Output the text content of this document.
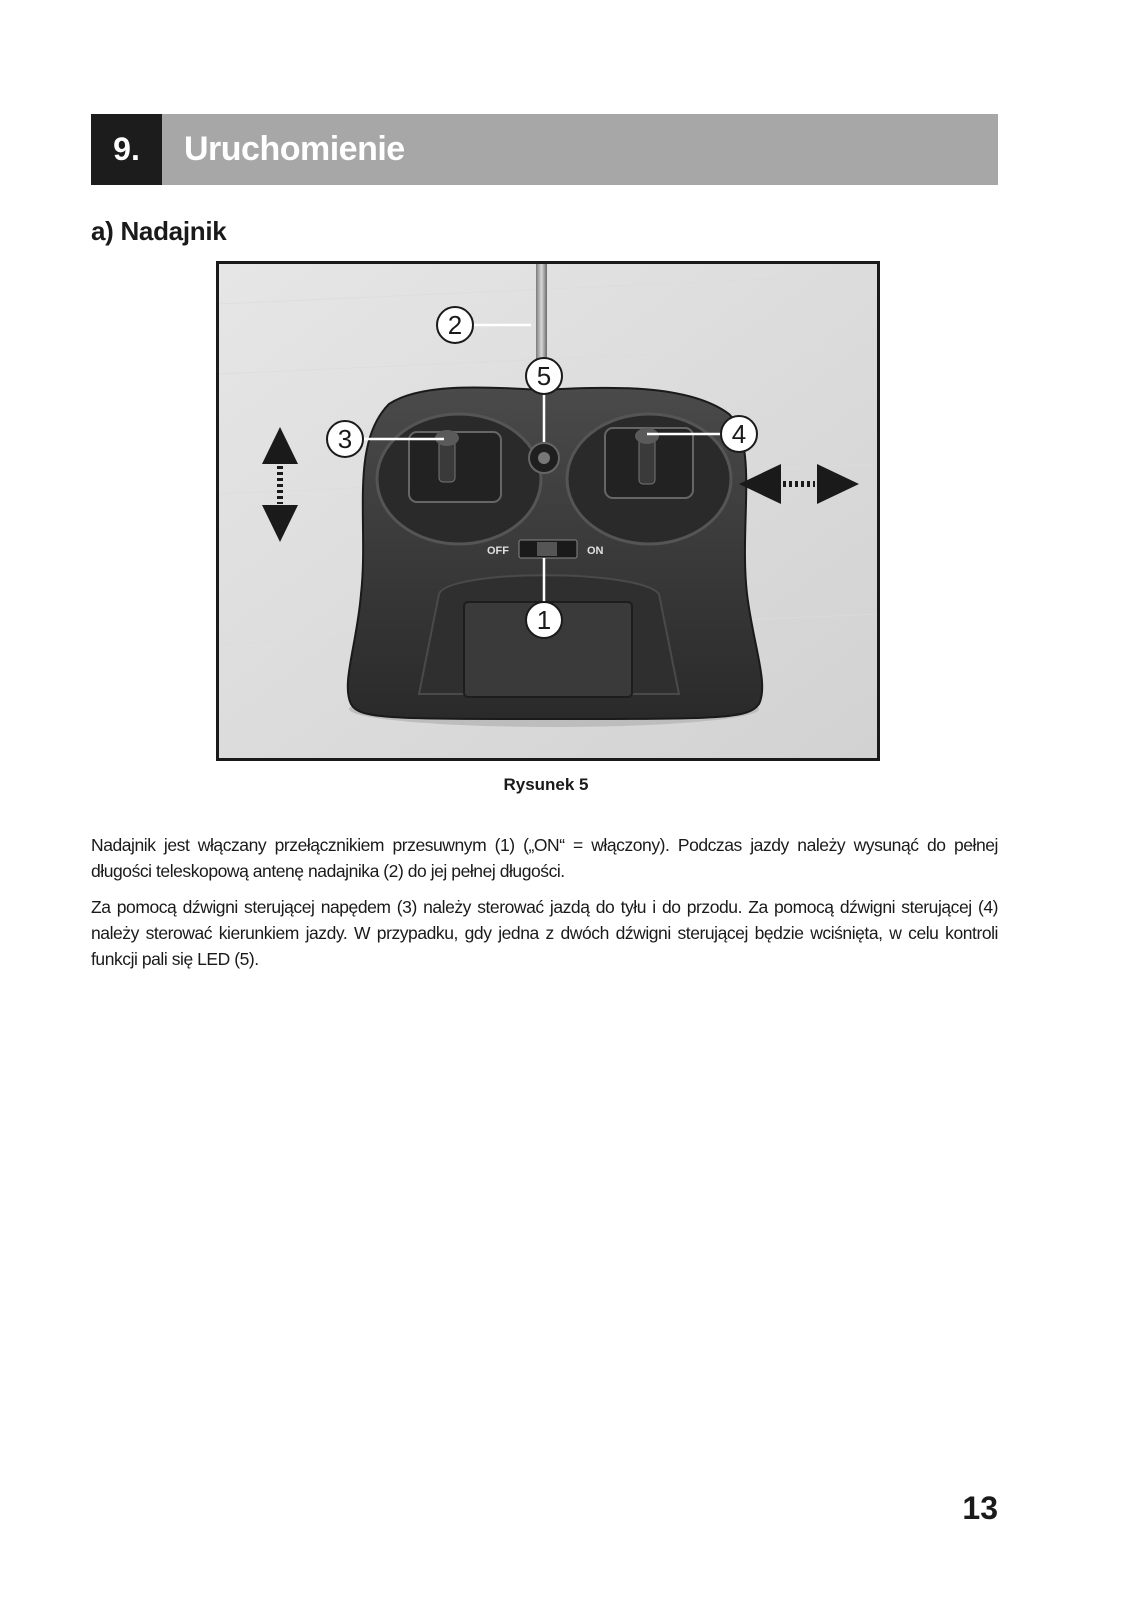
9.	Uruchomienie
a) Nadajnik
OFF	ON
2
5
3	4
1
Rysunek 5

Nadajnik jest włączany przełącznikiem przesuwnym (1) („ON“ = włączony). Podczas jazdy należy wysunąć do pełnej długości teleskopową antenę nadajnika (2) do jej pełnej długości.

Za pomocą dźwigni sterującej napędem (3) należy sterować jazdą do tyłu i do przodu. Za pomocą dźwigni sterującej (4) należy sterować kierunkiem jazdy. W przypadku, gdy jedna z dwóch dźwigni sterującej będzie wciśnięta, w celu kontroli funkcji pali się LED (5).

13
